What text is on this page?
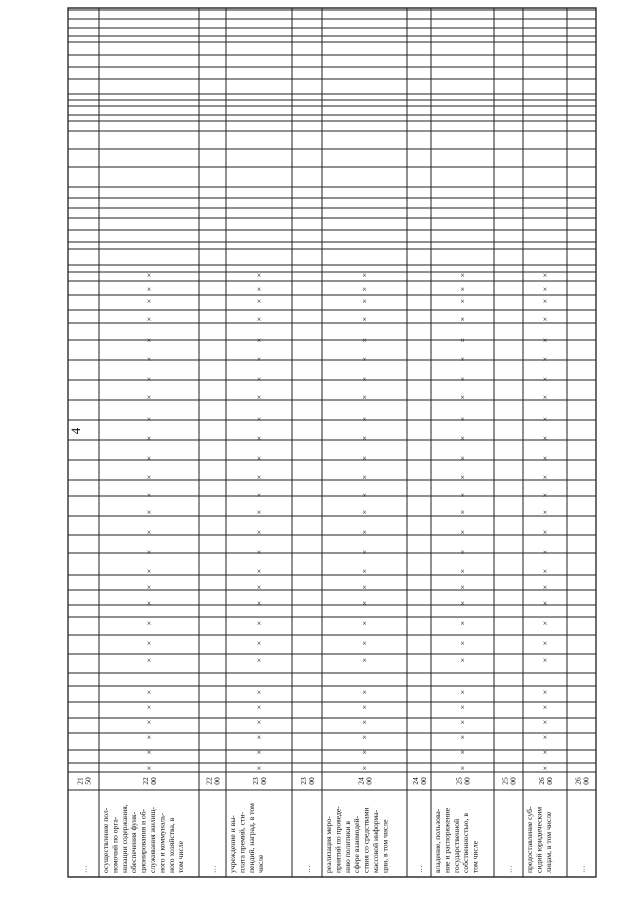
4
2150
…
2200
осуществление пол-номочий по орга-низации содержания,обеспечения функ-ционирования и об-служивания жилищ-ного и коммуналь-ного хозяйства, втом числе
×
×
×
×
×
×
×
×
×
×
×
×
×
×
×
×
×
×
×
×
×
×
×
×
×
×
×
×
2200
…
2300
учреждение и вы-плата премий, сти-пендий, наград, в томчисле
×
×
×
×
×
×
×
×
×
×
×
×
×
×
×
×
×
×
×
×
×
×
×
×
×
×
×
×
2300
…
2400
реализация меро-приятий по проведе-нию политики всфере взаимодей-ствия со средствамимассовой информа-ции, в том числе
×
×
×
×
×
×
×
×
×
×
×
×
×
×
×
×
×
×
×
×
×
×
×
×
×
×
×
×
2400
…
2500
владение, пользова-ние и распоряжениегосударственнойсобственностью, втом числе
×
×
×
×
×
×
×
×
×
×
×
×
×
×
×
×
×
×
×
×
×
×
×
×
×
×
×
×
2500
…
2600
предоставление суб-сидий юридическимлицам, в том числе
×
×
×
×
×
×
×
×
×
×
×
×
×
×
×
×
×
×
×
×
×
×
×
×
×
×
×
×
2600
…
